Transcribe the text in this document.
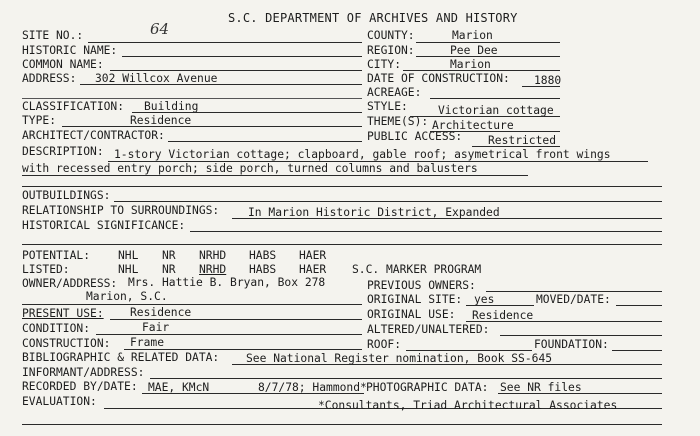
S.C. DEPARTMENT OF ARCHIVES AND HISTORY
SITE NO.:	64	COUNTY:	Marion
HISTORIC NAME:	REGION:	Pee Dee
COMMON NAME:	CITY:	Marion
ADDRESS: 302 Willcox Avenue	DATE OF CONSTRUCTION: 1880
ACREAGE:
CLASSIFICATION: Building	STYLE:	Victorian cottage
TYPE:	Residence	THEME(S): Architecture
ARCHITECT/CONTRACTOR:	PUBLIC ACCESS: Restricted
DESCRIPTION: 1-story Victorian cottage; clapboard, gable roof; asymetrical front wings
with recessed entry porch; side porch, turned columns and balusters
OUTBUILDINGS:
RELATIONSHIP TO SURROUNDINGS:	In Marion Historic District, Expanded
HISTORICAL SIGNIFICANCE:
POTENTIAL: NHL NR NRHD HABS HAER
LISTED:	NHL NR NRHD HABS HAER S.C. MARKER PROGRAM
OWNER/ADDRESS: Mrs. Hattie B. Bryan, Box 278	PREVIOUS OWNERS:
Marion, S.C.	ORIGINAL SITE: yes	MOVED/DATE:
PRESENT USE: Residence	ORIGINAL USE: Residence
CONDITION:	Fair	ALTERED/UNALTERED:
CONSTRUCTION: Frame	ROOF:	FOUNDATION:
BIBLIOGRAPHIC & RELATED DATA: See National Register nomination, Book SS-645
INFORMANT/ADDRESS:
RECORDED BY/DATE: MAE, KMcN	8/7/78; Hammond* PHOTOGRAPHIC DATA: See NR files
EVALUATION:	*Consultants, Triad Architectural Associates
